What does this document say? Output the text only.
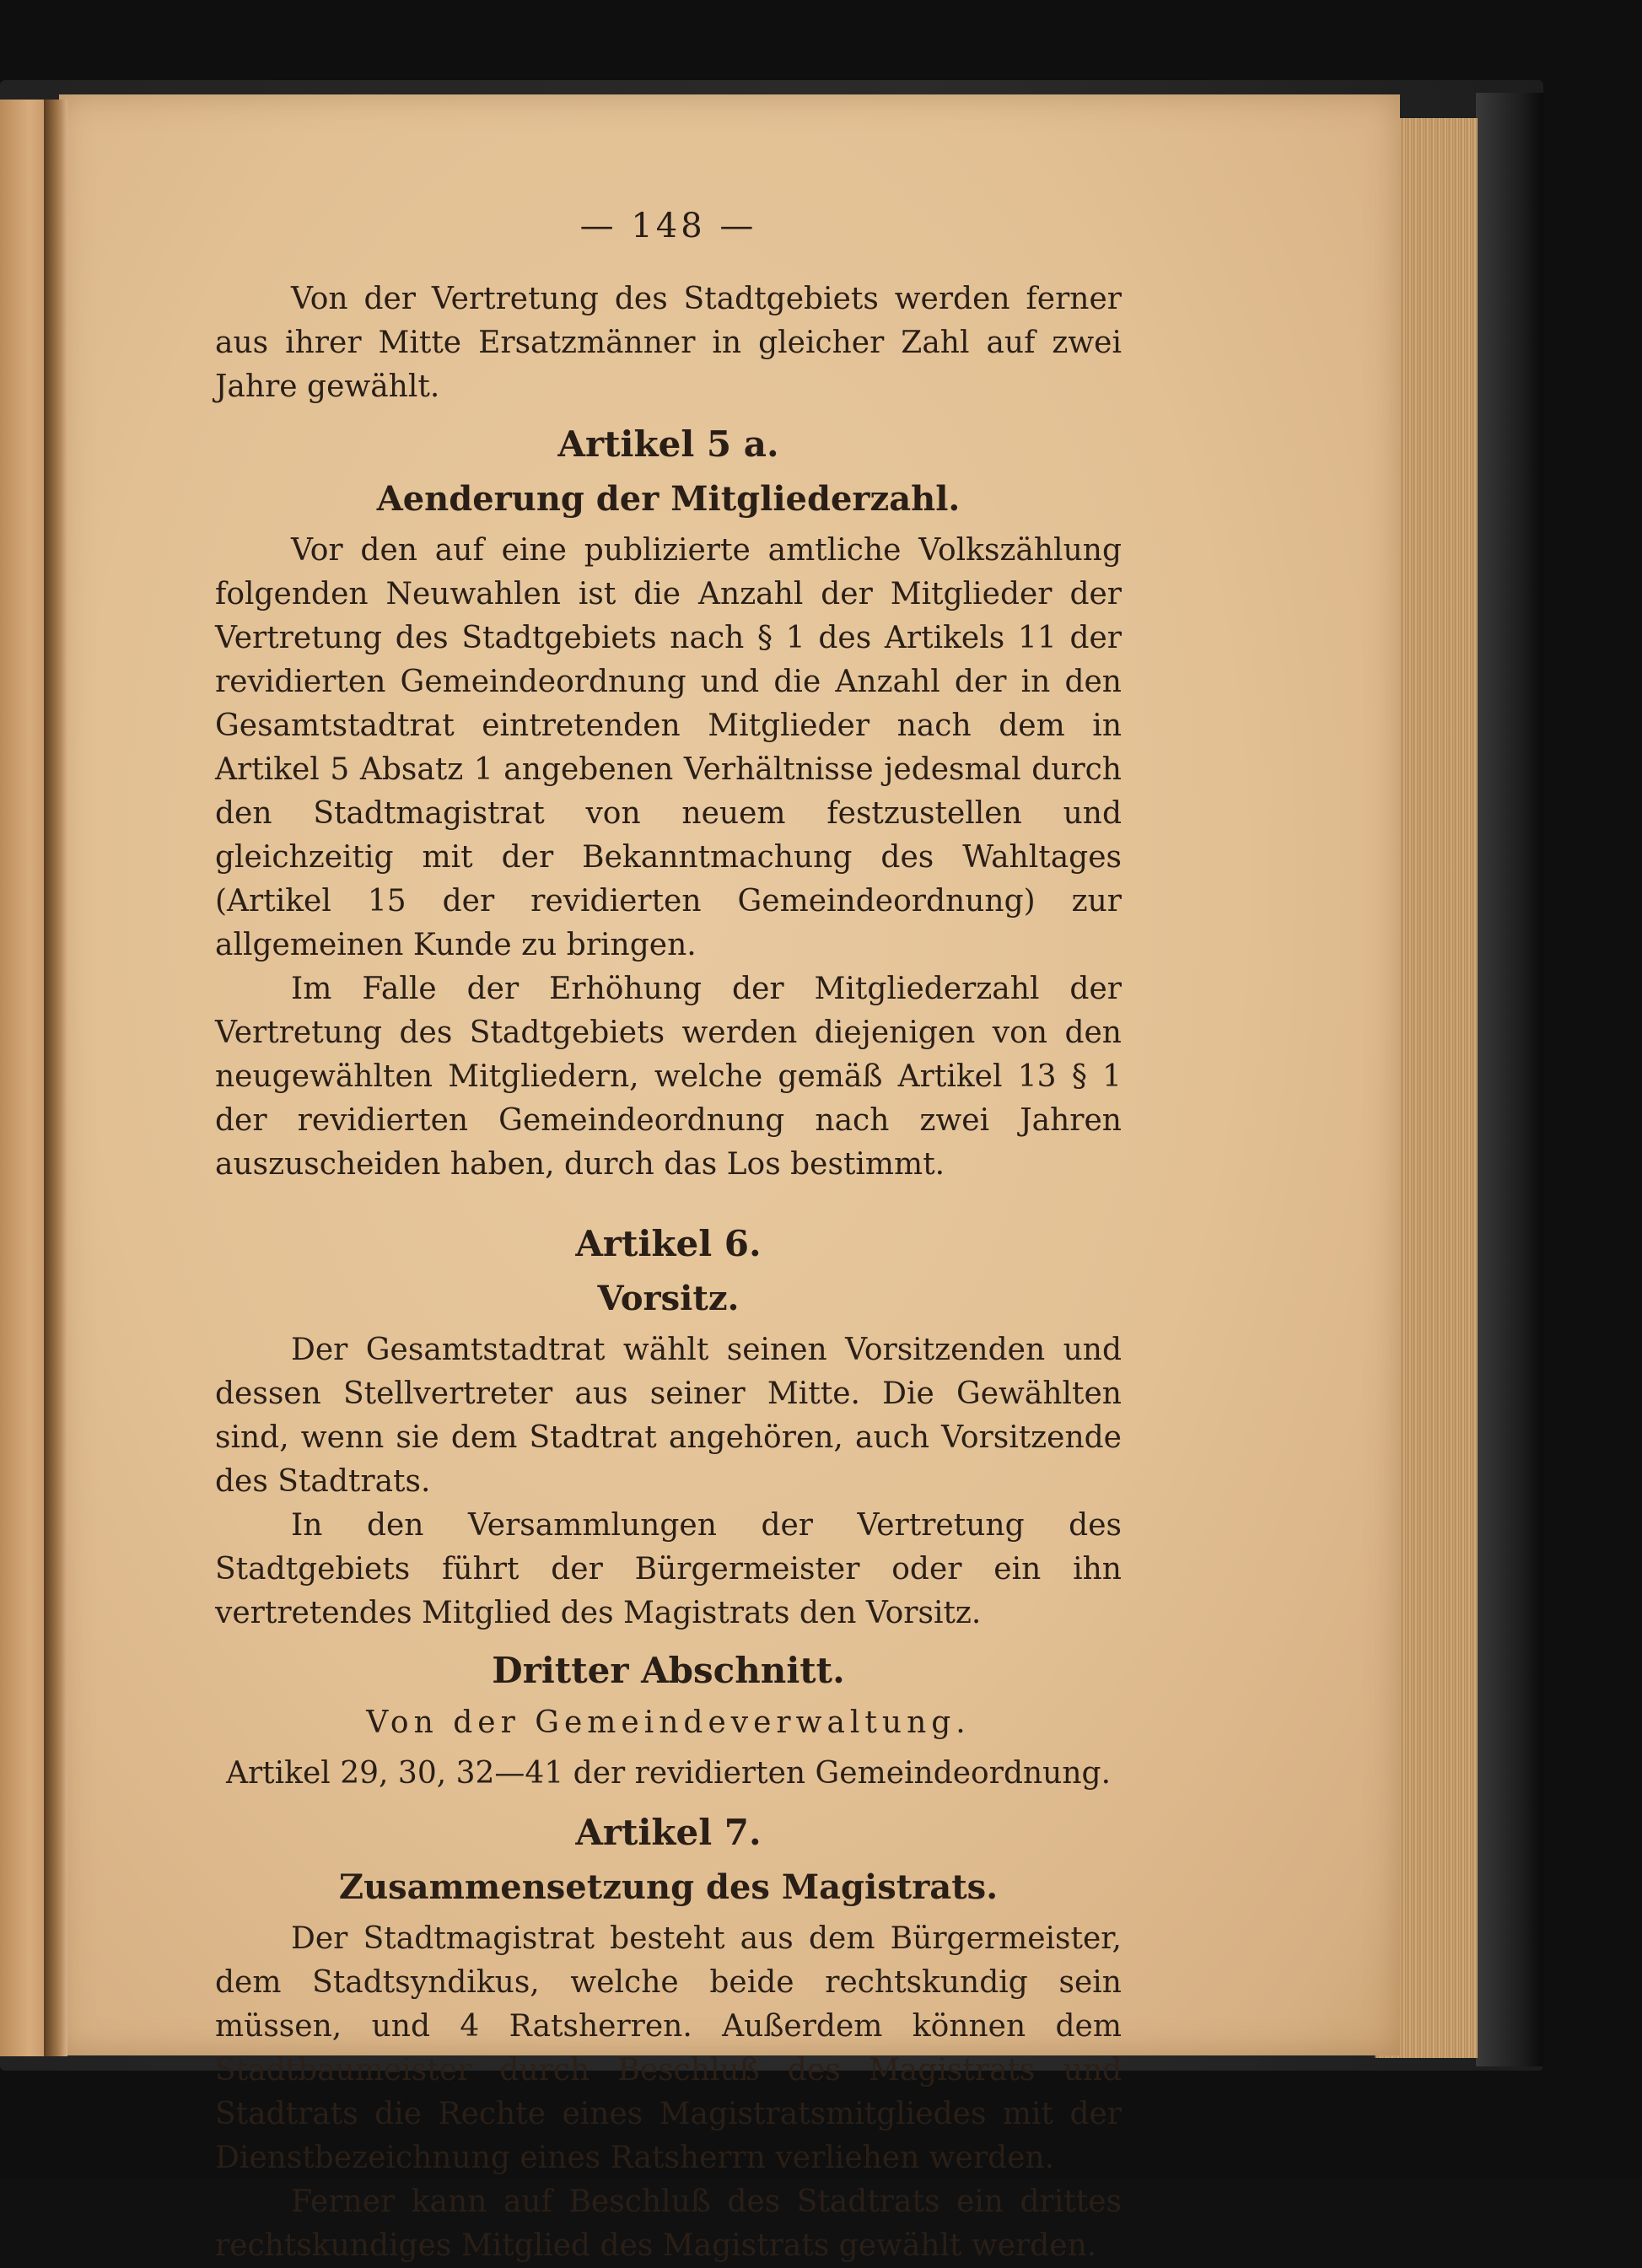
— 148 —

Von der Vertretung des Stadtgebiets werden ferner aus ihrer Mitte Ersatzmänner in gleicher Zahl auf zwei Jahre gewählt.

Artikel 5 a.
Aenderung der Mitgliederzahl.

Vor den auf eine publizierte amtliche Volkszählung folgenden Neuwahlen ist die Anzahl der Mitglieder der Vertretung des Stadtgebiets nach § 1 des Artikels 11 der revidierten Gemeindeordnung und die Anzahl der in den Gesamtstadtrat eintretenden Mitglieder nach dem in Artikel 5 Absatz 1 angebenen Verhältnisse jedesmal durch den Stadtmagistrat von neuem festzustellen und gleichzeitig mit der Bekanntmachung des Wahltages (Artikel 15 der revidierten Gemeindeordnung) zur allgemeinen Kunde zu bringen.

Im Falle der Erhöhung der Mitgliederzahl der Vertretung des Stadtgebiets werden diejenigen von den neugewählten Mitgliedern, welche gemäß Artikel 13 § 1 der revidierten Gemeindeordnung nach zwei Jahren auszuscheiden haben, durch das Los bestimmt.

Artikel 6.
Vorsitz.

Der Gesamtstadtrat wählt seinen Vorsitzenden und dessen Stellvertreter aus seiner Mitte. Die Gewählten sind, wenn sie dem Stadtrat angehören, auch Vorsitzende des Stadtrats.

In den Versammlungen der Vertretung des Stadtgebiets führt der Bürgermeister oder ein ihn vertretendes Mitglied des Magistrats den Vorsitz.

Dritter Abschnitt.
Von der Gemeindeverwaltung.
Artikel 29, 30, 32—41 der revidierten Gemeindeordnung.
Artikel 7.
Zusammensetzung des Magistrats.

Der Stadtmagistrat besteht aus dem Bürgermeister, dem Stadtsyndikus, welche beide rechtskundig sein müssen, und 4 Ratsherren. Außerdem können dem Stadtbaumeister durch Beschluß des Magistrats und Stadtrats die Rechte eines Magistratsmitgliedes mit der Dienstbezeichnung eines Ratsherrn verliehen werden.

Ferner kann auf Beschluß des Stadtrats ein drittes rechtskundiges Mitglied des Magistrats gewählt werden.
